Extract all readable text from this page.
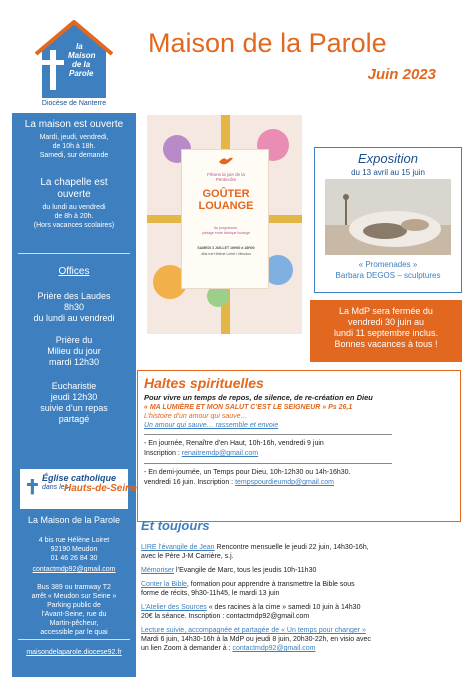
la
Maison
de la
Parole
Diocèse de Nanterre
Maison de la Parole
Juin 2023
La maison est ouverte
Mardi, jeudi, vendredi,
de 10h à 18h.
Samedi, sur demande
La chapelle est
ouverte
du lundi au vendredi
de 8h à 20h.
(Hors vacances scolaires)
Offices
Prière des Laudes
8h30
du lundi au vendredi
Prière du
Milieu du jour
mardi 12h30
Eucharistie
jeudi 12h30
suivie d’un repas
partagé
✝ Église catholique
dans les
Hauts-de-Seine
La Maison de la Parole
4 bis rue Hélène Loiret
92190 Meudon
01 46 26 84 30
contactmdp92@gmail.com
Bus 389 ou tramway T2
arrêt « Meudon sur Seine »
Parking public de
l’Avant-Seine, rue du
Martin-pêcheur,
accessible par le quai
maisondelaparole.diocese92.fr
Fêtons la joie de la
Pentecôte
GOÛTER
LOUANGE
Au programme,
partage entre fabrique louange
SAMEDI 3 JUILLET 16H00 à 18H00
4bis rue Hélène Loiret • Meudon
Exposition
du 13 avril au 15 juin
« Promenades »
Barbara DEGOS – sculptures
La MdP sera fermée du
vendredi 30 juin au
lundi 11 septembre inclus.
Bonnes vacances à tous !
Haltes spirituelles
Pour vivre un temps de repos, de silence, de re-création en Dieu
« MA LUMIÈRE ET MON SALUT C’EST LE SEIGNEUR » Ps 26,1
L’histoire d’un amour qui sauve…
Un amour qui sauve… rassemble et envoie
- En journée, Renaître d’en Haut, 10h-16h, vendredi 9 juin
Inscription : renaitremdp@gmail.com
- En demi-journée, un Temps pour Dieu, 10h-12h30 ou 14h-16h30.
vendredi 16 juin. Inscription : tempspourdieumdp@gmail.com
Et toujours
LIRE l’évangile de Jean Rencontre mensuelle le jeudi 22 juin, 14h30-16h,
avec le Père J-M Carrière, s.j.
Mémoriser l’Evangile de Marc, tous les jeudis 10h-11h30
Conter la Bible, formation pour apprendre à transmettre la Bible sous
forme de récits, 9h30-11h45, le mardi 13 juin
L’Atelier des Sources « des racines à la cime » samedi 10 juin à 14h30
20€ la séance. Inscription : contactmdp92@gmail.com
Lecture suivie, accompagnée et partagée de « Un temps pour changer »
Mardi 6 juin, 14h30-16h à la MdP ou jeudi 8 juin, 20h30-22h, en visio avec
un lien Zoom à demander à : contactmdp92@gmail.com
